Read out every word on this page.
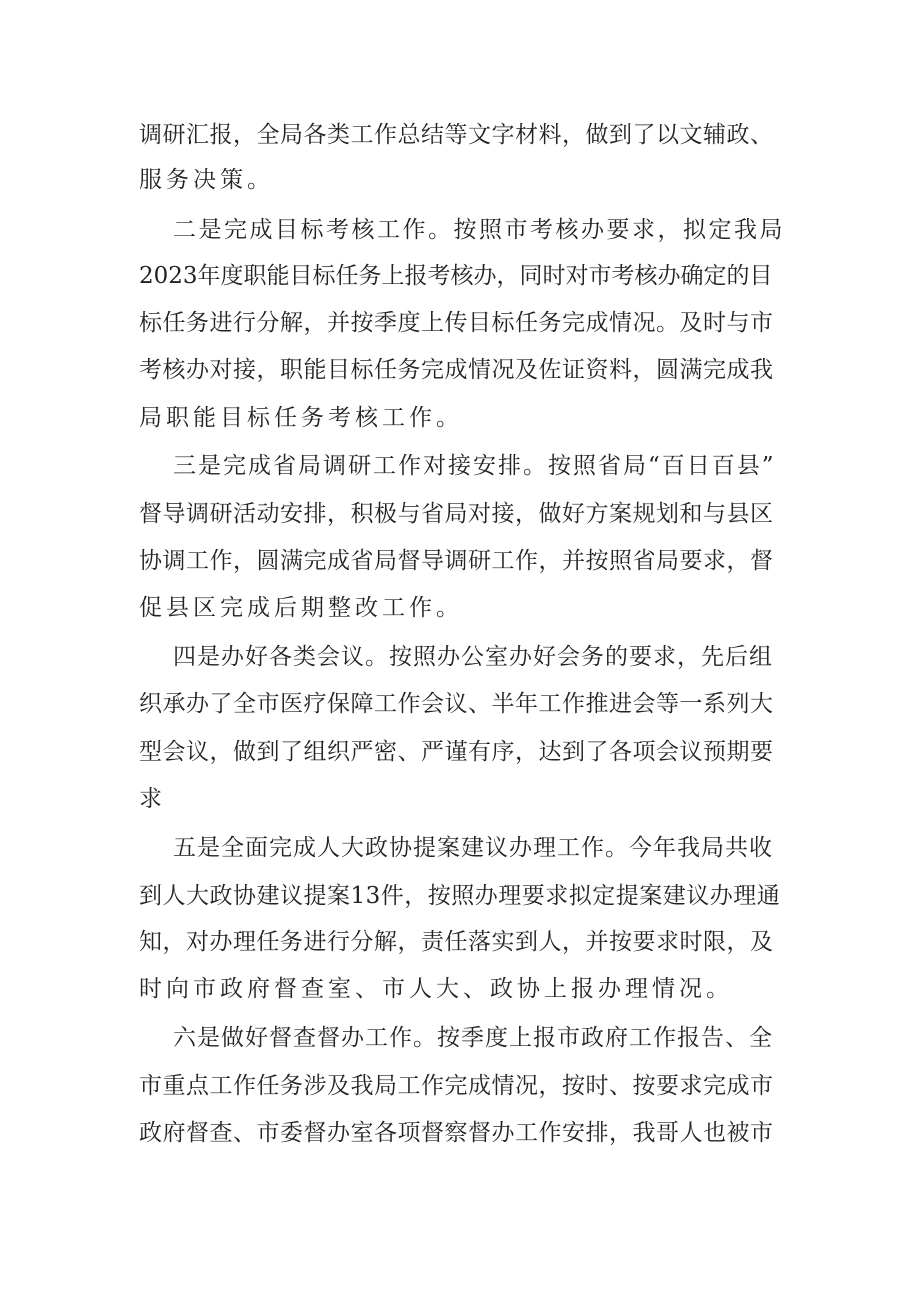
调研汇报，全局各类工作总结等文字材料，做到了以文辅政、
服务决策。
二是完成目标考核工作。按照市考核办要求，拟定我局
2023年度职能目标任务上报考核办，同时对市考核办确定的目
标任务进行分解，并按季度上传目标任务完成情况。及时与市
考核办对接，职能目标任务完成情况及佐证资料，圆满完成我
局职能目标任务考核工作。
三是完成省局调研工作对接安排。按照省局“百日百县”
督导调研活动安排，积极与省局对接，做好方案规划和与县区
协调工作，圆满完成省局督导调研工作，并按照省局要求，督
促县区完成后期整改工作。
四是办好各类会议。按照办公室办好会务的要求，先后组
织承办了全市医疗保障工作会议、半年工作推进会等一系列大
型会议，做到了组织严密、严谨有序，达到了各项会议预期要
求
五是全面完成人大政协提案建议办理工作。今年我局共收
到人大政协建议提案13件，按照办理要求拟定提案建议办理通
知，对办理任务进行分解，责任落实到人，并按要求时限，及
时向市政府督查室、市人大、政协上报办理情况。
六是做好督查督办工作。按季度上报市政府工作报告、全
市重点工作任务涉及我局工作完成情况，按时、按要求完成市
政府督查、市委督办室各项督察督办工作安排，我哥人也被市
